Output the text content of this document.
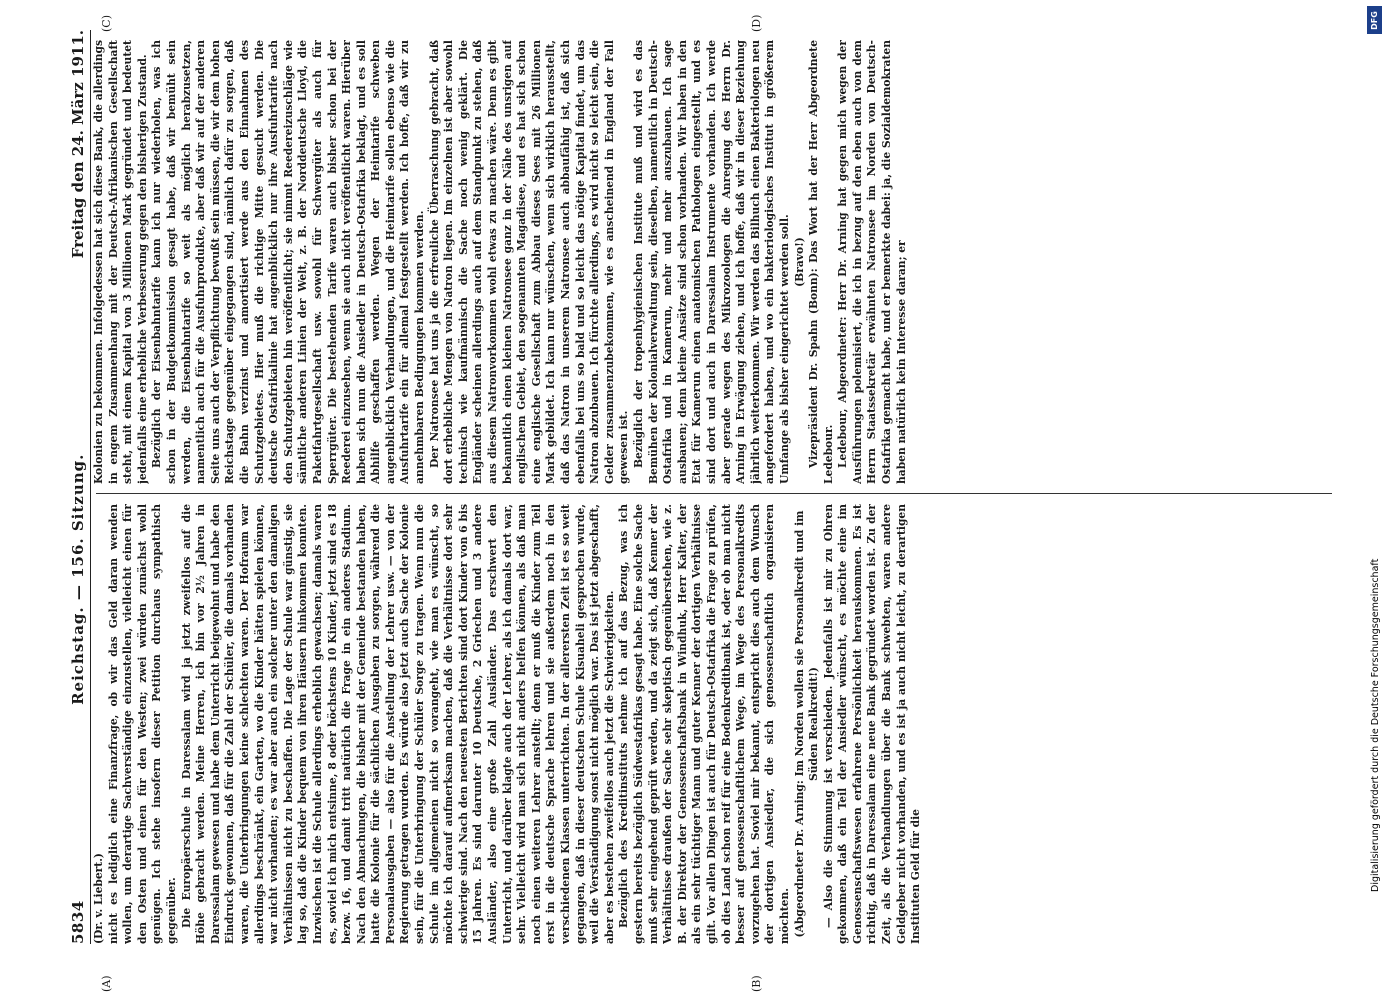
5834
Reichstag. — 156. Sitzung.
Freitag den 24. März 1911.

(Dr. v. Liebert.) nicht es lediglich eine Finanzfrage, ob wir das Geld daran wenden wollen, um derartige Sachverständige einzustellen, vielleicht einen für den Osten und einen für den Westen; zwei würden zunächst wohl genügen. Ich stehe insofern dieser Petition durchaus sympathisch gegenüber. Die Europäerschule in Daressalam wird ja jetzt zweifellos auf die Höhe gebracht werden. Meine Herren, ich bin vor 2½ Jahren in Daressalam gewesen und habe dem Unterricht beigewohnt und habe den Eindruck gewonnen, daß für die Zahl der Schüler, die damals vorhanden waren, die Unterbringungen keine schlechten waren. Der Hofraum war allerdings beschränkt, ein Garten, wo die Kinder hätten spielen können, war nicht vorhanden; es war aber auch ein solcher unter den damaligen Verhältnissen nicht zu beschaffen. Die Lage der Schule war günstig, sie lag so, daß die Kinder bequem von ihren Häusern hinkommen konnten. Inzwischen ist die Schule allerdings erheblich gewachsen; damals waren es, soviel ich mich entsinne, 8 oder höchstens 10 Kinder, jetzt sind es 18 bezw. 16, und damit tritt natürlich die Frage in ein anderes Stadium. Nach den Abmachungen, die bisher mit der Gemeinde bestanden haben, hatte die Kolonie für die sächlichen Ausgaben zu sorgen, während die Personalausgaben — also für die Anstellung der Lehrer usw. — von der Regierung getragen wurden. Es würde also jetzt auch Sache der Kolonie sein, für die Unterbringung der Schüler Sorge zu tragen. Wenn nun die Schule im allgemeinen nicht so vorangeht, wie man es wünscht, so möchte ich darauf aufmerksam machen, daß die Verhältnisse dort sehr schwierige sind. Nach den neuesten Berichten sind dort Kinder von 6 bis 15 Jahren. Es sind darunter 10 Deutsche, 2 Griechen und 3 andere Ausländer, also eine große Zahl Ausländer. Das erschwert den Unterricht, und darüber klagte auch der Lehrer, als ich damals dort war, sehr. Vielleicht wird man sich nicht anders helfen können, als daß man noch einen weiteren Lehrer anstellt; denn er muß die Kinder zum Teil erst in die deutsche Sprache lehren und sie außerdem noch in den verschiedenen Klassen unterrichten. In der allerersten Zeit ist es so weit gegangen, daß in dieser deutschen Schule Kisuaheli gesprochen wurde, weil die Verständigung sonst nicht möglich war. Das ist jetzt abgeschafft, aber es bestehen zweifellos auch jetzt die Schwierigkeiten. Bezüglich des Kreditinstituts nehme ich auf das Bezug, was ich gestern bereits bezüglich Südwestafrikas gesagt habe. Eine solche Sache muß sehr eingehend geprüft werden, und da zeigt sich, daß Kenner der Verhältnisse draußen der Sache sehr skeptisch gegenüberstehen, wie z. B. der Direktor der Genossenschaftsbank in Windhuk, Herr Kalter, der als ein sehr tüchtiger Mann und guter Kenner der dortigen Verhältnisse gilt. Vor allen Dingen ist auch für Deutsch-Ostafrika die Frage zu prüfen, ob dies Land schon reif für eine Bodenkreditbank ist, oder ob man nicht besser auf genossenschaftlichem Wege, im Wege des Personalkredits vorzugehen hat. Soviel mir bekannt, entspricht dies auch dem Wunsch der dortigen Ansiedler, die sich genossenschaftlich organisieren möchten. (Abgeordneter Dr. Arning: Im Norden wollen sie Personalkredit und im Süden Realkredit!) — Also die Stimmung ist verschieden. Jedenfalls ist mir zu Ohren gekommen, daß ein Teil der Ansiedler wünscht, es möchte eine im Genossenschaftswesen erfahrene Persönlichkeit herauskommen. Es ist richtig, daß in Daressalam eine neue Bank gegründet worden ist. Zu der Zeit, als die Verhandlungen über die Bank schwebten, waren andere Geldgeber nicht vorhanden, und es ist ja auch nicht leicht, zu derartigen Instituten Geld für die

Kolonien zu bekommen. Infolgedessen hat sich diese Bank, die allerdings in engem Zusammenhang mit der Deutsch-Afrikanischen Gesellschaft steht, mit einem Kapital von 3 Millionen Mark gegründet und bedeutet jedenfalls eine erhebliche Verbesserung gegen den bisherigen Zustand. Bezüglich der Eisenbahntarife kann ich nur wiederholen, was ich schon in der Budgetkommission gesagt habe, daß wir bemüht sein werden, die Eisenbahntarife so weit als möglich herabzusetzen, namentlich auch für die Ausfuhrprodukte, aber daß wir auf der anderen Seite uns auch der Verpflichtung bewußt sein müssen, die wir dem hohen Reichstage gegenüber eingegangen sind, nämlich dafür zu sorgen, daß die Bahn verzinst und amortisiert werde aus den Einnahmen des Schutzgebietes. Hier muß die richtige Mitte gesucht werden. Die deutsche Ostafrikalinie hat augenblicklich nur ihre Ausfuhrtarife nach den Schutzgebieten hin veröffentlicht; sie nimmt Reedereizuschläge wie sämtliche anderen Linien der Welt, z. B. der Norddeutsche Lloyd, die Paketfahrtgesellschaft usw. sowohl für Schwergüter als auch für Sperrgüter. Die bestehenden Tarife waren auch bisher schon bei der Reederei einzusehen, wenn sie auch nicht veröffentlicht waren. Hierüber haben sich nun die Ansiedler in Deutsch-Ostafrika beklagt, und es soll Abhilfe geschaffen werden. Wegen der Heimtarife schweben augenblicklich Verhandlungen, und die Heimtarife sollen ebenso wie die Ausfuhrtarife ein für allemal festgestellt werden. Ich hoffe, daß wir zu annehmbaren Bedingungen kommen werden. Der Natronsee hat uns ja die erfreuliche Überraschung gebracht, daß dort erhebliche Mengen von Natron liegen. Im einzelnen ist aber sowohl technisch wie kaufmännisch die Sache noch wenig geklärt. Die Engländer scheinen allerdings auch auf dem Standpunkt zu stehen, daß aus diesem Natronvorkommen wohl etwas zu machen wäre. Denn es gibt bekanntlich einen kleinen Natronsee ganz in der Nähe des unsrigen auf englischem Gebiet, den sogenannten Magadisee, und es hat sich schon eine englische Gesellschaft zum Abbau dieses Sees mit 26 Millionen Mark gebildet. Ich kann nur wünschen, wenn sich wirklich herausstellt, daß das Natron in unserem Natronsee auch abbaufähig ist, daß sich ebenfalls bei uns so bald und so leicht das nötige Kapital findet, um das Natron abzubauen. Ich fürchte allerdings, es wird nicht so leicht sein, die Gelder zusammenzubekommen, wie es anscheinend in England der Fall gewesen ist. Bezüglich der tropenhygienischen Institute muß und wird es das Bemühen der Kolonialverwaltung sein, dieselben, namentlich in Deutsch-Ostafrika und in Kamerun, mehr und mehr auszubauen. Ich sage ausbauen; denn kleine Ansätze sind schon vorhanden. Wir haben in den Etat für Kamerun einen anatomischen Pathologen eingestellt, und es sind dort und auch in Daressalam Instrumente vorhanden. Ich werde aber gerade wegen des Mikrozoologen die Anregung des Herrn Dr. Arning in Erwägung ziehen, und ich hoffe, daß wir in dieser Beziehung jährlich weiterkommen. Wir werden das Bilhuch einen Bakteriologen neu angefordert haben, und wo ein bakteriologisches Institut in größerem Umfange als bisher eingerichtet werden soll. (Bravo!) Vizepräsident Dr. Spahn (Bonn): Das Wort hat der Herr Abgeordnete Ledebour. Ledebour, Abgeordneter: Herr Dr. Arning hat gegen mich wegen der Ausführungen polemisiert, die ich in bezug auf den eben auch von dem Herrn Staatssekretär erwähnten Natronsee im Norden von Deutsch-Ostafrika gemacht habe, und er bemerkte dabei: ja, die Sozialdemokraten haben natürlich kein Interesse daran; er

(A)	(B)
(C)	(D)	DFG
Digitalisierung gefördert durch die Deutsche Forschungsgemeinschaft
